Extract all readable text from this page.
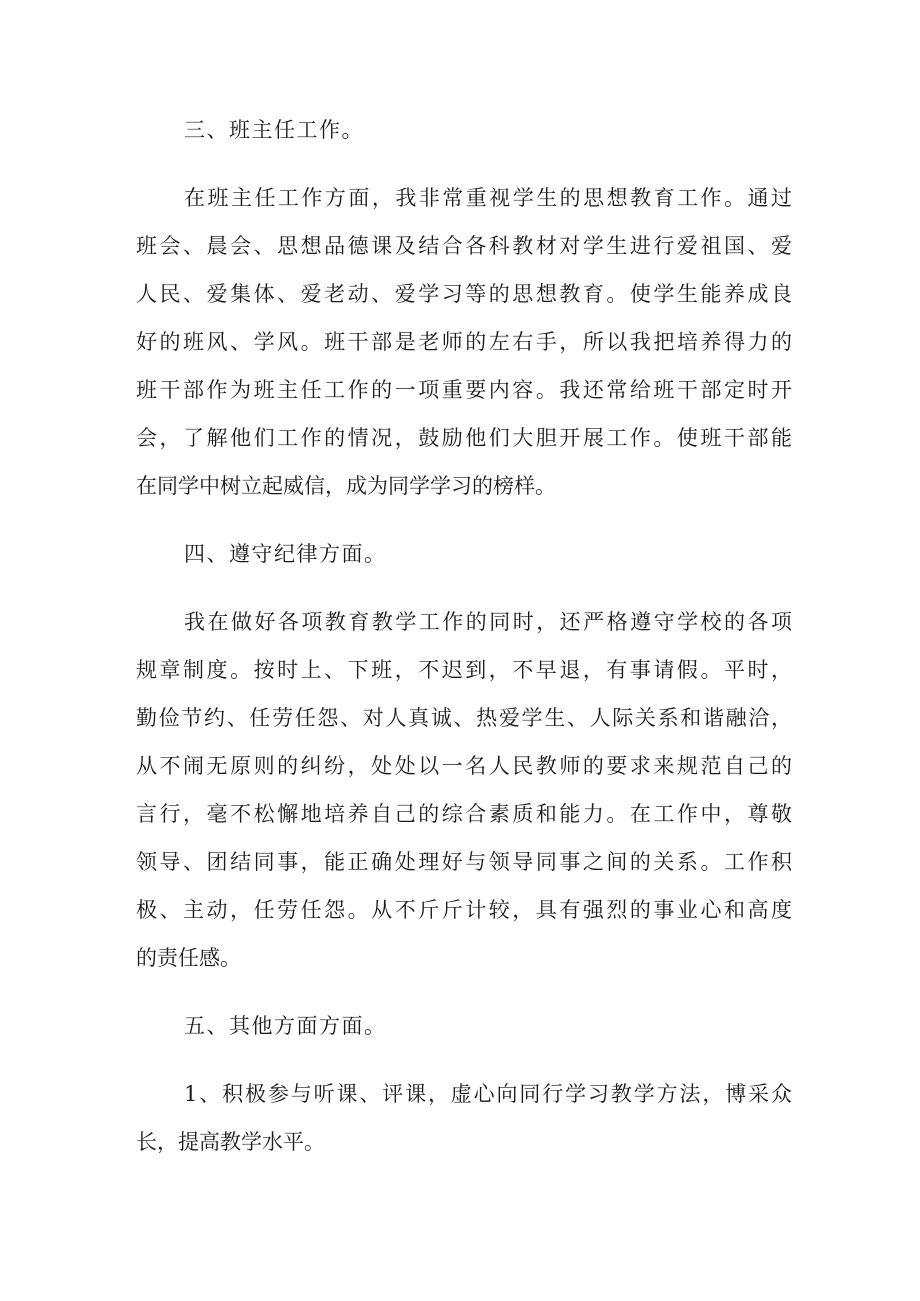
三、班主任工作。
在班主任工作方面，我非常重视学生的思想教育工作。通过
班会、晨会、思想品德课及结合各科教材对学生进行爱祖国、爱
人民、爱集体、爱老动、爱学习等的思想教育。使学生能养成良
好的班风、学风。班干部是老师的左右手，所以我把培养得力的
班干部作为班主任工作的一项重要内容。我还常给班干部定时开
会，了解他们工作的情况，鼓励他们大胆开展工作。使班干部能
在同学中树立起威信，成为同学学习的榜样。
四、遵守纪律方面。
我在做好各项教育教学工作的同时，还严格遵守学校的各项
规章制度。按时上、下班，不迟到，不早退，有事请假。平时，
勤俭节约、任劳任怨、对人真诚、热爱学生、人际关系和谐融洽，
从不闹无原则的纠纷，处处以一名人民教师的要求来规范自己的
言行，毫不松懈地培养自己的综合素质和能力。在工作中，尊敬
领导、团结同事，能正确处理好与领导同事之间的关系。工作积
极、主动，任劳任怨。从不斤斤计较，具有强烈的事业心和高度
的责任感。
五、其他方面方面。
1、积极参与听课、评课，虚心向同行学习教学方法，博采众
长，提高教学水平。
